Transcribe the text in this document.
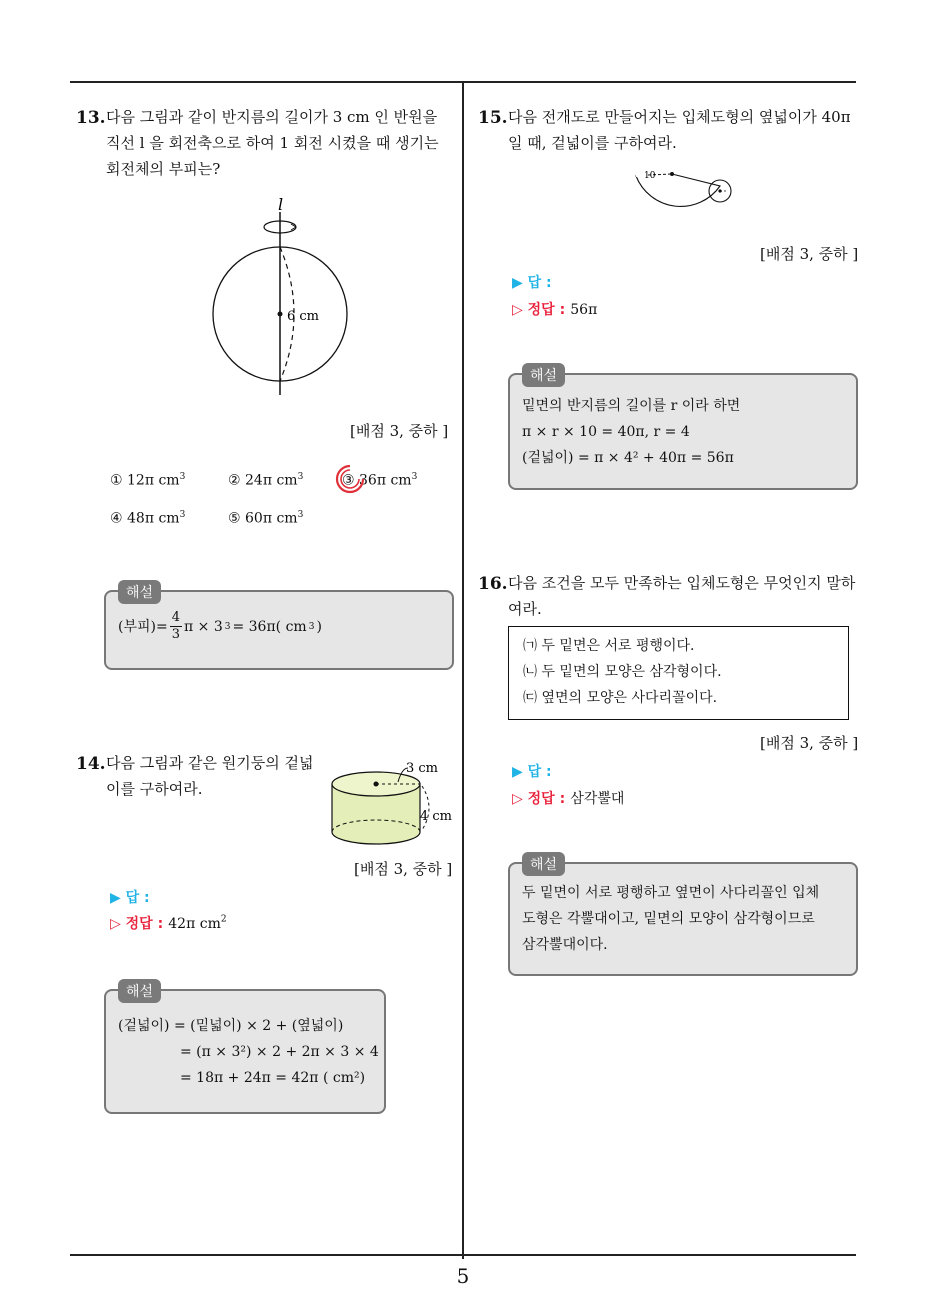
5
13. 다음 그림과 같이 반지름의 길이가 3 cm 인 반원을
직선 l 을 회전축으로 하여 1 회전 시켰을 때 생기는
회전체의 부피는?
l
6 cm
[배점 3, 중하 ]
① 12π $cm^3$	② 24π $cm^3$	③ 36π $cm^3$
④ 48π $cm^3$	⑤ 60π $cm^3$
해설
(부피)= $\frac{4}{3}$ π × 3 3 = 36π( cm 3 )
14. 다음 그림과 같은 원기둥의 겉넓
이를 구하여라.
3 cm
4 cm
[배점 3, 중하 ]
▶ 답 :
▷ 정답 : 42π $cm^2$
해설
(겉넓이) = (밑넓이) × 2 + (옆넓이)
= (π × 3²) × 2 + 2π × 3 × 4
= 18π + 24π = 42π ( cm²)
15. 다음 전개도로 만들어지는 입체도형의 옆넓이가 40π
일 때, 겉넓이를 구하여라.
10
[배점 3, 중하 ]
▶ 답 :
▷ 정답 : 56π
해설
밑면의 반지름의 길이를 r 이라 하면
π × r × 10 = 40π, r = 4
(겉넓이) = π × 4² + 40π = 56π
16. 다음 조건을 모두 만족하는 입체도형은 무엇인지 말하
여라.
㈀ 두 밑면은 서로 평행이다.
㈁ 두 밑면의 모양은 삼각형이다.
㈂ 옆면의 모양은 사다리꼴이다.
[배점 3, 중하 ]
▶ 답 :
▷ 정답 : 삼각뿔대
해설
두 밑면이 서로 평행하고 옆면이 사다리꼴인 입체
도형은 각뿔대이고, 밑면의 모양이 삼각형이므로
삼각뿔대이다.
